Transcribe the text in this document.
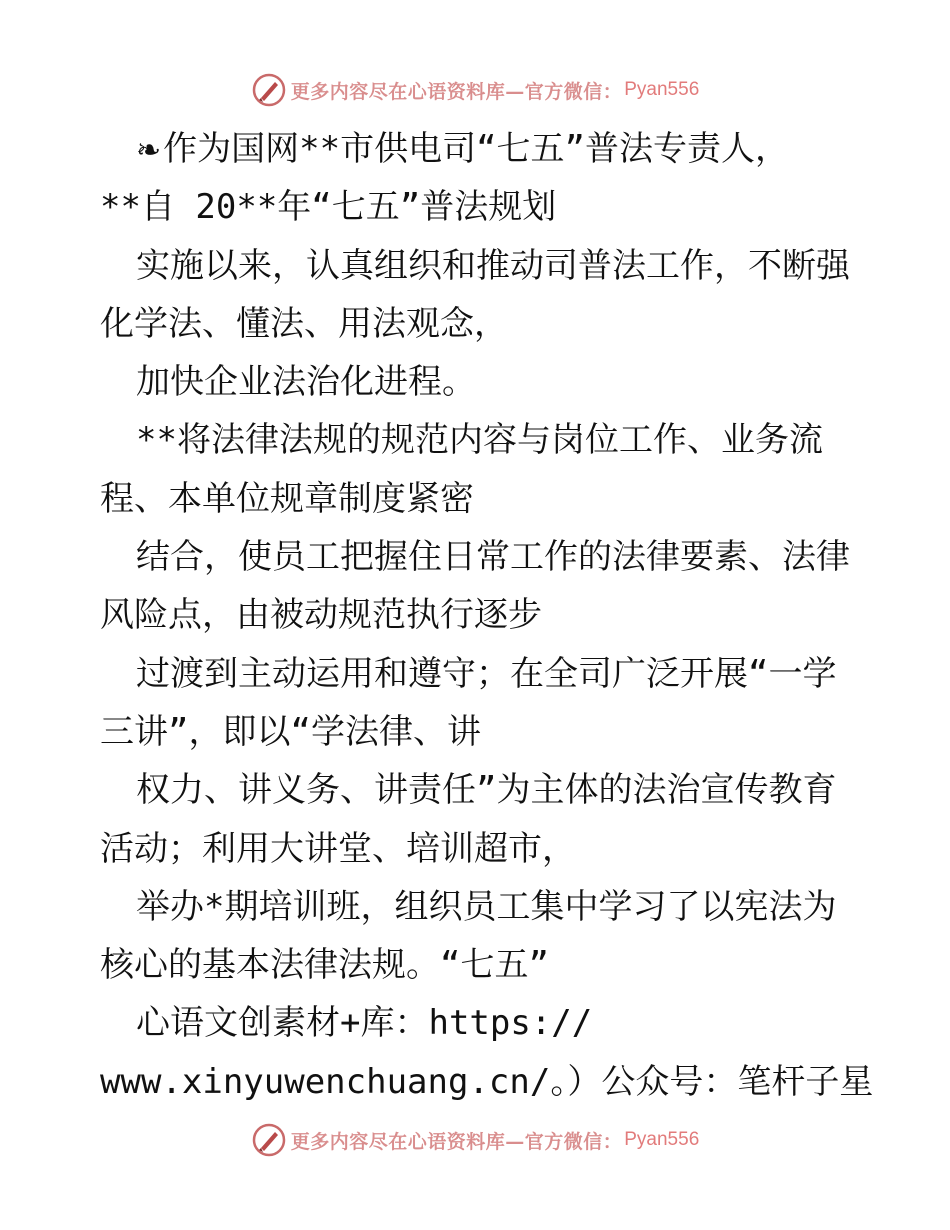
更多内容尽在心语资料库—官方微信： Pyan556
❧作为国网**市供电司“七五”普法专责人，
**自 20**年“七五”普法规划
实施以来，认真组织和推动司普法工作，不断强
化学法、懂法、用法观念，
加快企业法治化进程。
**将法律法规的规范内容与岗位工作、业务流
程、本单位规章制度紧密
结合，使员工把握住日常工作的法律要素、法律
风险点，由被动规范执行逐步
过渡到主动运用和遵守；在全司广泛开展“一学
三讲”，即以“学法律、讲
权力、讲义务、讲责任”为主体的法治宣传教育
活动；利用大讲堂、培训超市，
举办*期培训班，组织员工集中学习了以宪法为
核心的基本法律法规。“七五”
心语文创素材+库：https://
www.xinyuwenchuang.cn/。）公众号：笔杆子星
更多内容尽在心语资料库—官方微信： Pyan556
